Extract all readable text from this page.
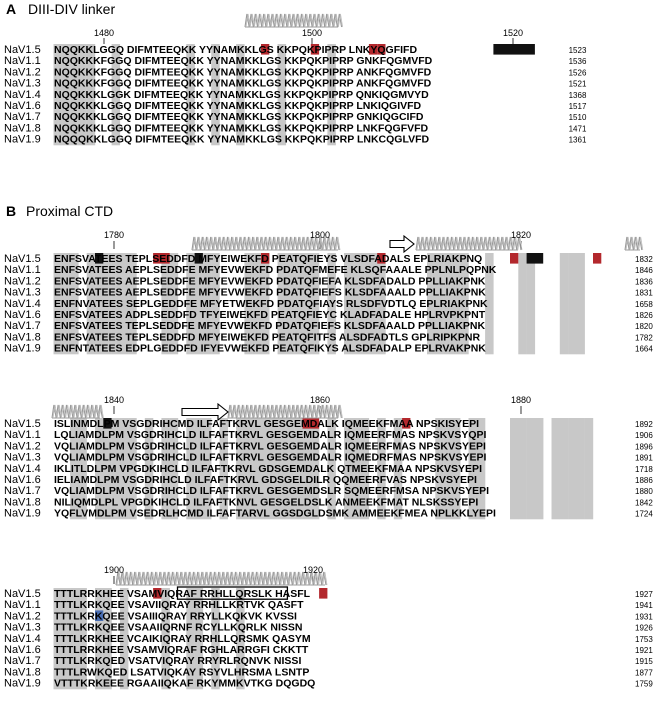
A DIII-DIV linker
1480	1500	1520
NaV1.5 NQQKKLGGQ DIFMTEEQKK YYNAMKKLGS KKPQKPIPRP LNKYQGFIFD	1523
NaV1.1 NQQKKKFGGQ DIFMTEEQKK YYNAMKKLGS KKPQKPIPRP GNKFQGMVFD	1536
NaV1.2 NQQKKKFGGQ DIFMTEEQKK YYNAMKKLGS KKPQKPIPRP ANKFQGMVFD	1526
NaV1.3 NQQKKKFGGQ DIFMTEEQKK YYNAMKKLGS KKPQKPIPRP ANKFQGMVFD	1521
NaV1.4 NQQKKKLGGK DIFMTEEQKK YYNAMKKLGS KKPQKPIPRP QNKIQGMVYD	1368
NaV1.6 NQQKKKLGGQ DIFMTEEQKK YYNAMKKLGS KKPQKPIPRP LNKIQGIVFD	1517
NaV1.7 NQQKKKLGGQ DIFMTEEQKK YYNAMKKLGS KKPQKPIPRP GNKIQGCIFD	1510
NaV1.8 NQQKKKLGGQ DIFMTEEQKK YYNAMKKLGS KKPQKPIPRP LNKFQGFVFD	1471
NaV1.9 NQQQKKLGGQ DIFMTEEQKK YYNAMKKLGS KKPQKPIPRP LNKCQGLVFD	1361
B Proximal CTD
1780	1800	1820
NaV1.5 ENFSVATEES TEPLSEDDFD MFYEIWEKFD PEATQFIEYS VLSDFADALS EPLRIAKPNQ	1832
NaV1.1 ENFSVATEES AEPLSEDDFE MFYEVWEKFD PDATQFMEFE KLSQFAAALE PPLNLPQPNK	1846
NaV1.2 ENFSVATEES AEPLSEDDFE MFYEVWEKFD PDATQFIEFA KLSDFADALD PPLLIAKPNK	1836
NaV1.3 ENFSVATEES AEPLSEDDFE MFYEVWEKFD PDATQFIEFS KLSDFAAALD PPLLIAKPNK	1831
NaV1.4 ENFNVATEES SEPLGEDDFE MFYETWEKFD PDATQFIAYS RLSDFVDTLQ EPLRIAKPNK	1658
NaV1.6 ENFSVATEES ADPLSEDDFD TFYEIWEKFD PEATQFIEYC KLADFADALE HPLRVPKPNT	1826
NaV1.7 ENFSVATEES TEPLSEDDFE MFYEVWEKFD PDATQFIEFS KLSDFAAALD PPLLIAKPNK	1820
NaV1.8 ENFSVATEES TEPLSEDDFD MFYEIWEKFD PEATQFITFS ALSDFADTLS GPLRIPKPNR	1782
NaV1.9 ENFNTATEES EDPLGEDDFD IFYEVWEKFD PEATQFIKYS ALSDFADALP EPLRVAKPNK	1664
1840	1860	1880
NaV1.5 ISLINMDLPM VSGDRIHCMD ILFAFTKRVL GESGEMDALK IQMEEKFMAA NPSKISYEPI	1892
NaV1.1 LQLIAMDLPM VSGDRIHCLD ILFAFTKRVL GESGEMDALR IQMEERFMAS NPSKVSYQPI	1906
NaV1.2 VQLIAMDLPM VSGDRIHCLD ILFAFTKRVL GESGEMDALR IQMEERFMAS NPSKVSYEPI	1896
NaV1.3 VQLIAMDLPM VSGDRIHCLD ILFAFTKRVL GESGEMDALR IQMEDRFMAS NPSKVSYEPI	1891
NaV1.4 IKLITLDLPM VPGDKIHCLD ILFAFTKRVL GDSGEMDALK QTMEEKFMAA NPSKVSYEPI	1718
NaV1.6 IELIAMDLPM VSGDRIHCLD ILFAFTKRVL GDSGELDILR QQMEERFVAS NPSKVSYEPI	1886
NaV1.7 VQLIAMDLPM VSGDRIHCLD ILFAFTKRVL GESGEMDSLR SQMEERFMSA NPSKVSYEPI	1880
NaV1.8 NILIQMDLPL VPGDKIHCLD ILFAFTKNVL GESGELDSLK ANMEEKFMAT NLSKSSYEPI	1842
NaV1.9 YQFLVMDLPM VSEDRLHCMD ILFAFTARVL GGSDGLDSMK AMMEEKFMEA NPLKKLYEPI	1724
1900	1920
NaV1.5 TTTLRRKHEE VSAMVIQRAF RRHLLQRSLK HASFL	1927
NaV1.1 TTTLKRKQEE VSAVIIQRAY RRHLLKRTVK QASFT	1941
NaV1.2 TTTLKRKQEE VSAIIIQRAY RRYLLKQKVK KVSSI	1931
NaV1.3 TTTLKRKQEE VSAAIIQRNF RCYLLKQRLK NISSN	1926
NaV1.4 TTTLKRKHEE VCAIKIQRAY RRHLLQRSMK QASYM	1753
NaV1.6 TTTLRRKHEE VSAMVIQRAF RGHLARRGFI CKKTT	1921
NaV1.7 TTTLKRKQED VSATVIQRAY RRYRLRQNVK NISSI	1915
NaV1.8 TTTLRWKQED LSATVIQKAY RSYVLHRSMA LSNTP	1877
NaV1.9 VTTTKRKEEE RGAAIIQKAF RKYMMKVTKG DQGDQ	1759
